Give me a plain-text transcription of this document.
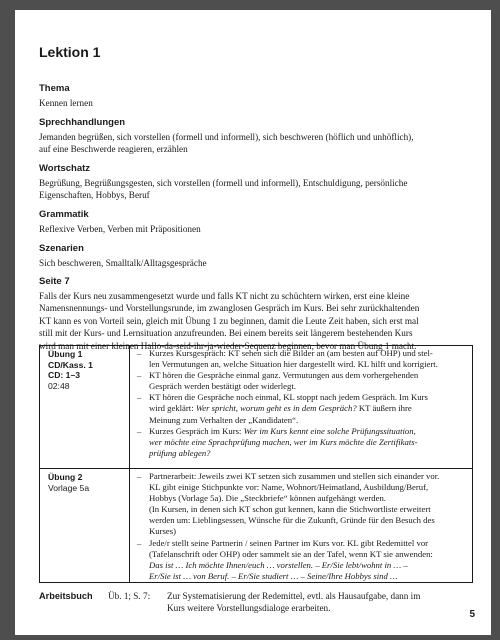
Lektion 1
Thema

Kennen lernen

Sprechhandlungen

Jemanden begrüßen, sich vorstellen (formell und informell), sich beschweren (höflich und unhöflich),

auf eine Beschwerde reagieren, erzählen

Wortschatz

Begrüßung, Begrüßungsgesten, sich vorstellen (formell und informell), Entschuldigung, persönliche

Eigenschaften, Hobbys, Beruf

Grammatik

Reflexive Verben, Verben mit Präpositionen

Szenarien

Sich beschweren, Smalltalk/Alltagsgespräche

Seite 7

Falls der Kurs neu zusammengesetzt wurde und falls KT nicht zu schüchtern wirken, erst eine kleine

Namensnennungs- und Vorstellungsrunde, im zwanglosen Gespräch im Kurs. Bei sehr zurückhaltenden

KT kann es von Vorteil sein, gleich mit Übung 1 zu beginnen, damit die Leute Zeit haben, sich erst mal

still mit der Kurs- und Lernsituation anzufreunden. Bei einem bereits seit längerem bestehenden Kurs

wird man mit einer kleinen Hallo-da-seid-ihr-ja-wieder-Sequenz beginnen, bevor man Übung 1 macht.

Übung 1
CD/Kass. 1
CD: 1–3
02:48
– Kurzes Kursgespräch: KT sehen sich die Bilder an (am besten auf OHP) und stel-
len Vermutungen an, welche Situation hier dargestellt wird. KL hilft und korrigiert.
– KT hören die Gespräche einmal ganz. Vermutungen aus dem vorhergehenden
Gespräch werden bestätigt oder widerlegt.
– KT hören die Gespräche noch einmal, KL stoppt nach jedem Gespräch. Im Kurs
wird geklärt: Wer spricht, worum geht es in dem Gespräch? KT äußern ihre
Meinung zum Verhalten der „Kandidaten“.
– Kurzes Gespräch im Kurs: Wer im Kurs kennt eine solche Prüfungssituation,
wer möchte eine Sprachprüfung machen, wer im Kurs möchte die Zertifikats-
prüfung ablegen?
Übung 2
Vorlage 5a
– Partnerarbeit: Jeweils zwei KT setzen sich zusammen und stellen sich einander vor.
KL gibt einige Stichpunkte vor: Name, Wohnort/Heimatland, Ausbildung/Beruf,
Hobbys (Vorlage 5a). Die „Steckbriefe“ können aufgehängt werden.
(In Kursen, in denen sich KT schon gut kennen, kann die Stichwortliste erweitert
werden um: Lieblingsessen, Wünsche für die Zukunft, Gründe für den Besuch des
Kurses)
– Jede/r stellt seine Partnerin / seinen Partner im Kurs vor. KL gibt Redemittel vor
(Tafelanschrift oder OHP) oder sammelt sie an der Tafel, wenn KT sie anwenden:
Das ist … Ich möchte Ihnen/euch … vorstellen. – Er/Sie lebt/wohnt in … –
Er/Sie ist … von Beruf. – Er/Sie studiert … – Seine/Ihre Hobbys sind …
Arbeitsbuch Üb. 1; S. 7: Zur Systematisierung der Redemittel, evtl. als Hausaufgabe, dann im
Kurs weitere Vorstellungsdialoge erarbeiten.
5
